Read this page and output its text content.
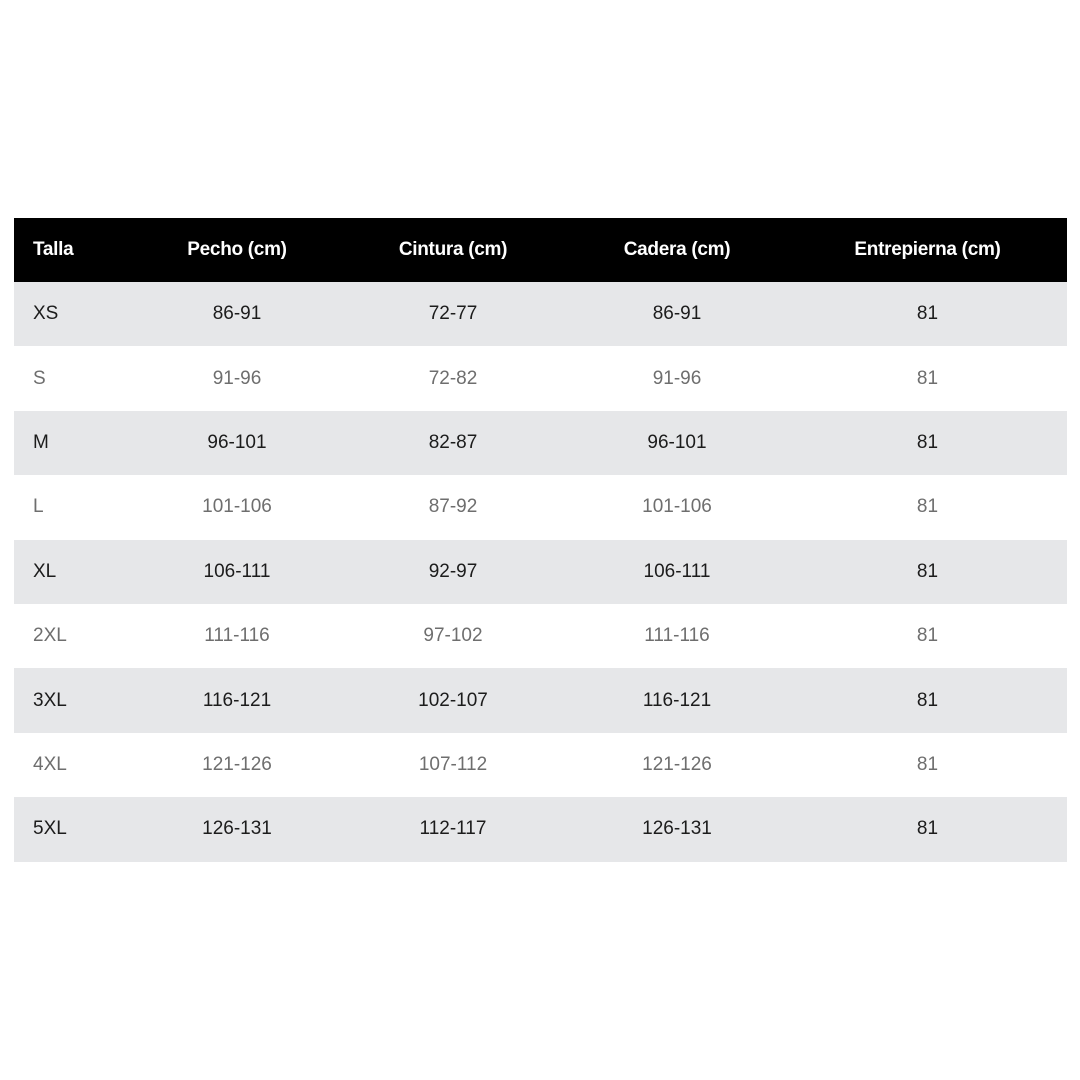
Talla	Pecho (cm)	Cintura (cm)	Cadera (cm)	Entrepierna (cm)
XS	86-91	72-77	86-91	81
S	91-96	72-82	91-96	81
M	96-101	82-87	96-101	81
L	101-106	87-92	101-106	81
XL	106-111	92-97	106-111	81
2XL	111-116	97-102	111-116	81
3XL	116-121	102-107	116-121	81
4XL	121-126	107-112	121-126	81
5XL	126-131	112-117	126-131	81
